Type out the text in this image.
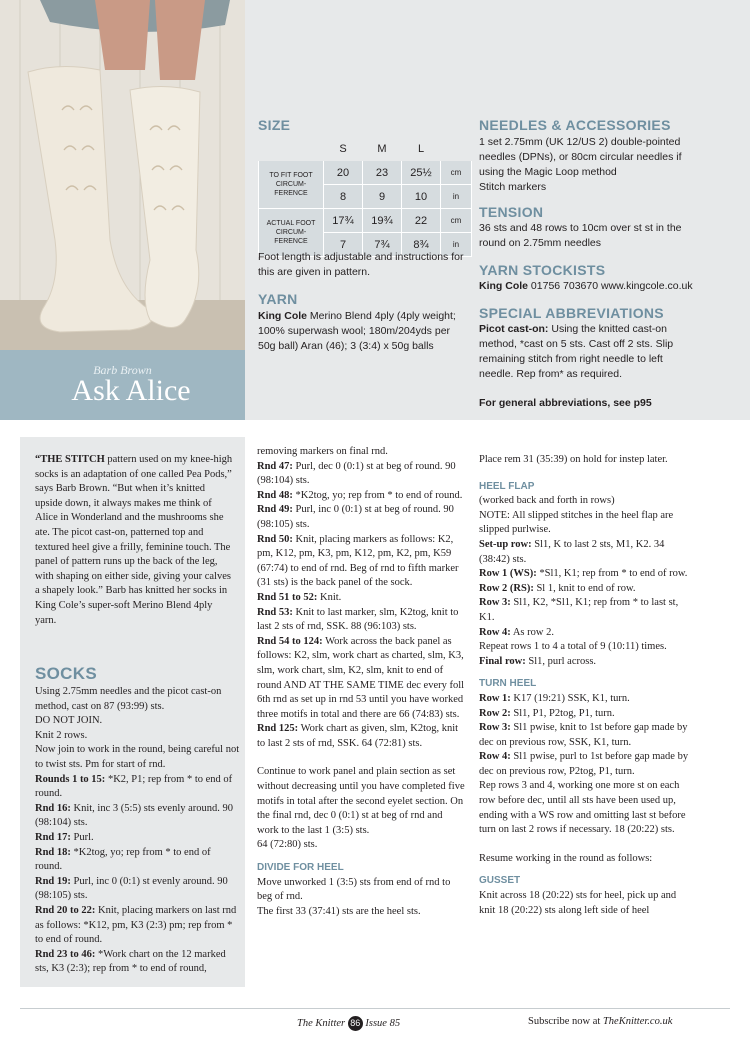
Barb Brown
Ask Alice
SIZE
	S	M	L	
TO FIT FOOT CIRCUM- FERENCE	20	23	25½	cm
	8	9	10	in
ACTUAL FOOT CIRCUM- FERENCE	17¾	19¾	22	cm
	7	7¾	8¾	in
Foot length is adjustable and instructions for this are given in pattern.
YARN
King Cole Merino Blend 4ply (4ply weight; 100% superwash wool; 180m/204yds per 50g ball) Aran (46); 3 (3:4) x 50g balls
NEEDLES & ACCESSORIES
1 set 2.75mm (UK 12/US 2) double-pointed needles (DPNs), or 80cm circular needles if using the Magic Loop method
Stitch markers
TENSION
36 sts and 48 rows to 10cm over st st in the round on 2.75mm needles
YARN STOCKISTS
King Cole 01756 703670 www.kingcole.co.uk
SPECIAL ABBREVIATIONS
Picot cast-on: Using the knitted cast-on method, *cast on 5 sts. Cast off 2 sts. Slip remaining stitch from right needle to left needle. Rep from* as required.
For general abbreviations, see p95

“THE STITCH pattern used on my knee-high socks is an adaptation of one called Pea Pods,” says Barb Brown. “But when it’s knitted upside down, it always makes me think of Alice in Wonderland and the mushrooms she ate. The picot cast-on, patterned top and textured heel give a frilly, feminine touch. The panel of pattern runs up the back of the leg, with shaping on either side, giving your calves a shapely look.” Barb has knitted her socks in King Cole’s super-soft Merino Blend 4ply yarn.

SOCKS

Using 2.75mm needles and the picot cast-on method, cast on 87 (93:99) sts.

DO NOT JOIN.

Knit 2 rows.

Now join to work in the round, being careful not to twist sts. Pm for start of rnd.

Rounds 1 to 15: *K2, P1; rep from * to end of round.

Rnd 16: Knit, inc 3 (5:5) sts evenly around. 90 (98:104) sts.

Rnd 17: Purl.

Rnd 18: *K2tog, yo; rep from * to end of round.

Rnd 19: Purl, inc 0 (0:1) st evenly around. 90 (98:105) sts.

Rnd 20 to 22: Knit, placing markers on last rnd as follows: *K12, pm, K3 (2:3) pm; rep from * to end of round.

Rnd 23 to 46: *Work chart on the 12 marked sts, K3 (2:3); rep from * to end of round,

removing markers on final rnd.

Rnd 47: Purl, dec 0 (0:1) st at beg of round. 90 (98:104) sts.

Rnd 48: *K2tog, yo; rep from * to end of round.

Rnd 49: Purl, inc 0 (0:1) st at beg of round. 90 (98:105) sts.

Rnd 50: Knit, placing markers as follows: K2, pm, K12, pm, K3, pm, K12, pm, K2, pm, K59 (67:74) to end of rnd. Beg of rnd to fifth marker (31 sts) is the back panel of the sock.

Rnd 51 to 52: Knit.

Rnd 53: Knit to last marker, slm, K2tog, knit to last 2 sts of rnd, SSK. 88 (96:103) sts.

Rnd 54 to 124: Work across the back panel as follows: K2, slm, work chart as charted, slm, K3, slm, work chart, slm, K2, slm, knit to end of round AND AT THE SAME TIME dec every foll 6th rnd as set up in rnd 53 until you have worked three motifs in total and there are 66 (74:83) sts.

Rnd 125: Work chart as given, slm, K2tog, knit to last 2 sts of rnd, SSK. 64 (72:81) sts.

Continue to work panel and plain section as set without decreasing until you have completed five motifs in total after the second eyelet section. On the final rnd, dec 0 (0:1) st at beg of rnd and work to the last 1 (3:5) sts.

64 (72:80) sts.

DIVIDE FOR HEEL

Move unworked 1 (3:5) sts from end of rnd to beg of rnd.

The first 33 (37:41) sts are the heel sts.

Place rem 31 (35:39) on hold for instep later.

HEEL FLAP

(worked back and forth in rows)

NOTE: All slipped stitches in the heel flap are slipped purlwise.

Set-up row: Sl1, K to last 2 sts, M1, K2. 34 (38:42) sts.

Row 1 (WS): *Sl1, K1; rep from * to end of row.

Row 2 (RS): Sl 1, knit to end of row.

Row 3: Sl1, K2, *Sl1, K1; rep from * to last st, K1.

Row 4: As row 2.

Repeat rows 1 to 4 a total of 9 (10:11) times.

Final row: Sl1, purl across.

TURN HEEL

Row 1: K17 (19:21) SSK, K1, turn.

Row 2: Sl1, P1, P2tog, P1, turn.

Row 3: Sl1 pwise, knit to 1st before gap made by dec on previous row, SSK, K1, turn.

Row 4: Sl1 pwise, purl to 1st before gap made by dec on previous row, P2tog, P1, turn.

Rep rows 3 and 4, working one more st on each row before dec, until all sts have been used up, ending with a WS row and omitting last st before turn on last 2 rows if necessary. 18 (20:22) sts.

Resume working in the round as follows:

GUSSET

Knit across 18 (20:22) sts for heel, pick up and knit 18 (20:22) sts along left side of heel

The Knitter 86 Issue 85	Subscribe now at TheKnitter.co.uk
